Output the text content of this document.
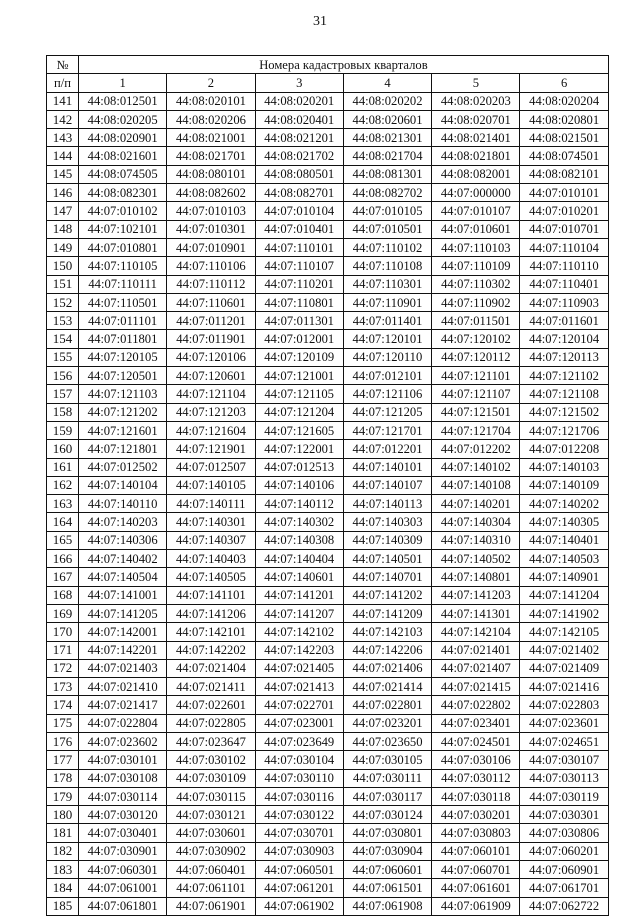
31
№	Номера кадастровых кварталов					
п/п	1	2	3	4	5	6
141	44:08:012501	44:08:020101	44:08:020201	44:08:020202	44:08:020203	44:08:020204
142	44:08:020205	44:08:020206	44:08:020401	44:08:020601	44:08:020701	44:08:020801
143	44:08:020901	44:08:021001	44:08:021201	44:08:021301	44:08:021401	44:08:021501
144	44:08:021601	44:08:021701	44:08:021702	44:08:021704	44:08:021801	44:08:074501
145	44:08:074505	44:08:080101	44:08:080501	44:08:081301	44:08:082001	44:08:082101
146	44:08:082301	44:08:082602	44:08:082701	44:08:082702	44:07:000000	44:07:010101
147	44:07:010102	44:07:010103	44:07:010104	44:07:010105	44:07:010107	44:07:010201
148	44:07:102101	44:07:010301	44:07:010401	44:07:010501	44:07:010601	44:07:010701
149	44:07:010801	44:07:010901	44:07:110101	44:07:110102	44:07:110103	44:07:110104
150	44:07:110105	44:07:110106	44:07:110107	44:07:110108	44:07:110109	44:07:110110
151	44:07:110111	44:07:110112	44:07:110201	44:07:110301	44:07:110302	44:07:110401
152	44:07:110501	44:07:110601	44:07:110801	44:07:110901	44:07:110902	44:07:110903
153	44:07:011101	44:07:011201	44:07:011301	44:07:011401	44:07:011501	44:07:011601
154	44:07:011801	44:07:011901	44:07:012001	44:07:120101	44:07:120102	44:07:120104
155	44:07:120105	44:07:120106	44:07:120109	44:07:120110	44:07:120112	44:07:120113
156	44:07:120501	44:07:120601	44:07:121001	44:07:012101	44:07:121101	44:07:121102
157	44:07:121103	44:07:121104	44:07:121105	44:07:121106	44:07:121107	44:07:121108
158	44:07:121202	44:07:121203	44:07:121204	44:07:121205	44:07:121501	44:07:121502
159	44:07:121601	44:07:121604	44:07:121605	44:07:121701	44:07:121704	44:07:121706
160	44:07:121801	44:07:121901	44:07:122001	44:07:012201	44:07:012202	44:07:012208
161	44:07:012502	44:07:012507	44:07:012513	44:07:140101	44:07:140102	44:07:140103
162	44:07:140104	44:07:140105	44:07:140106	44:07:140107	44:07:140108	44:07:140109
163	44:07:140110	44:07:140111	44:07:140112	44:07:140113	44:07:140201	44:07:140202
164	44:07:140203	44:07:140301	44:07:140302	44:07:140303	44:07:140304	44:07:140305
165	44:07:140306	44:07:140307	44:07:140308	44:07:140309	44:07:140310	44:07:140401
166	44:07:140402	44:07:140403	44:07:140404	44:07:140501	44:07:140502	44:07:140503
167	44:07:140504	44:07:140505	44:07:140601	44:07:140701	44:07:140801	44:07:140901
168	44:07:141001	44:07:141101	44:07:141201	44:07:141202	44:07:141203	44:07:141204
169	44:07:141205	44:07:141206	44:07:141207	44:07:141209	44:07:141301	44:07:141902
170	44:07:142001	44:07:142101	44:07:142102	44:07:142103	44:07:142104	44:07:142105
171	44:07:142201	44:07:142202	44:07:142203	44:07:142206	44:07:021401	44:07:021402
172	44:07:021403	44:07:021404	44:07:021405	44:07:021406	44:07:021407	44:07:021409
173	44:07:021410	44:07:021411	44:07:021413	44:07:021414	44:07:021415	44:07:021416
174	44:07:021417	44:07:022601	44:07:022701	44:07:022801	44:07:022802	44:07:022803
175	44:07:022804	44:07:022805	44:07:023001	44:07:023201	44:07:023401	44:07:023601
176	44:07:023602	44:07:023647	44:07:023649	44:07:023650	44:07:024501	44:07:024651
177	44:07:030101	44:07:030102	44:07:030104	44:07:030105	44:07:030106	44:07:030107
178	44:07:030108	44:07:030109	44:07:030110	44:07:030111	44:07:030112	44:07:030113
179	44:07:030114	44:07:030115	44:07:030116	44:07:030117	44:07:030118	44:07:030119
180	44:07:030120	44:07:030121	44:07:030122	44:07:030124	44:07:030201	44:07:030301
181	44:07:030401	44:07:030601	44:07:030701	44:07:030801	44:07:030803	44:07:030806
182	44:07:030901	44:07:030902	44:07:030903	44:07:030904	44:07:060101	44:07:060201
183	44:07:060301	44:07:060401	44:07:060501	44:07:060601	44:07:060701	44:07:060901
184	44:07:061001	44:07:061101	44:07:061201	44:07:061501	44:07:061601	44:07:061701
185	44:07:061801	44:07:061901	44:07:061902	44:07:061908	44:07:061909	44:07:062722
